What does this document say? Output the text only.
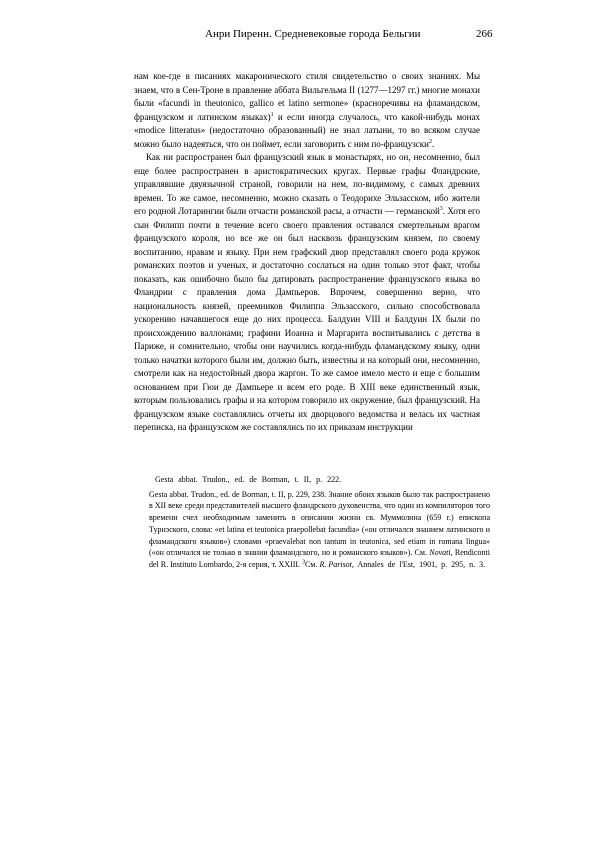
Анри Пиренн. Средневековые города Бельгии	266

нам кое-где в писаниях макаронического стиля свидетельство о своих знаниях. Мы знаем, что в Сен-Троне в правление аббата Вильгельма II (1277—1297 гг.) многие монахи были «facundi in theutonico, gallico et latino sermone» (красноречивы на фламандском, французском и латинском языках)$^1$ и если иногда случалось, что какой-нибудь монах «modice litteratus» (недостаточно образованный) не знал латыни, то во всяком случае можно было надеяться, что он поймет, если заговорить с ним по-французски$^2$.

Как ни распространен был французский язык в монастырях, но он, несомненно, был еще более распространен в аристократических кругах. Первые графы Фландрские, управлявшие двуязычной страной, говорили на нем, по-видимому, с самых древних времен. То же самое, несомненно, можно сказать о Теодорихе Эльзасском, ибо жители его родной Лотарингии были отчасти романской расы, а отчасти — германской$^3$. Хотя его сын Филипп почти в течение всего своего правления оставался смертельным врагом французского короля, но все же он был насквозь французским князем, по своему воспитанию, нравам и языку. При нем графский двор представлял своего рода кружок романских поэтов и ученых, и достаточно сослаться на один только этот факт, чтобы показать, как ошибочно было бы датировать распространение французского языка во Фландрии с правления дома Дампьеров. Впрочем, совершенно верно, что национальность князей, преемников Филиппа Эльзасского, сильно способствовала ускорению начавшегося еще до них процесса. Балдуин VIII и Балдуин IX были по происхождению валлонами; графини Иоанна и Маргарита воспитывались с детства в Париже, и сомнительно, чтобы они научились когда-нибудь фламандскому языку, одни только начатки которого были им, должно быть, известны и на который они, несомненно, смотрели как на недостойный двора жаргон. То же самое имело место и еще с большим основанием при Гюи де Дампьере и всем его роде. В XIII веке единственный язык, которым пользовались графы и на котором говорило их окружение, был французский. На французском языке составлялись отчеты их дворцового ведомства и велась их частная переписка, на французском же составлялись по их приказам инструкции

Gesta abbat. Trudon., ed. de Borman, t. II, p. 222.

Gesta abbat. Trudon., ed. de Borman, t. II, p. 229, 238. Знание обоих языков было так распространено в XII веке среди представителей высшего фландрского духовенства, что один из компиляторов того времени счел необходимым заменить в описании жизни св. Муммолина (659 г.) епископа Турнэского, слова: «et latina et teutonica praepollebat facundia» («он отличался знанием латинского и фламандского языков») словами «praevalebat non tantum in teutonica, sed etiam in romana lingua» («он отличался не только в знании фламандского, но и романского языков»). См. Novati, Rendiconti del R. Instituto Lombardo, 2-я серия, т. XXIII. $^3$См. R. Parisot, Annales de l'Est, 1901, p. 295, n. 3.
